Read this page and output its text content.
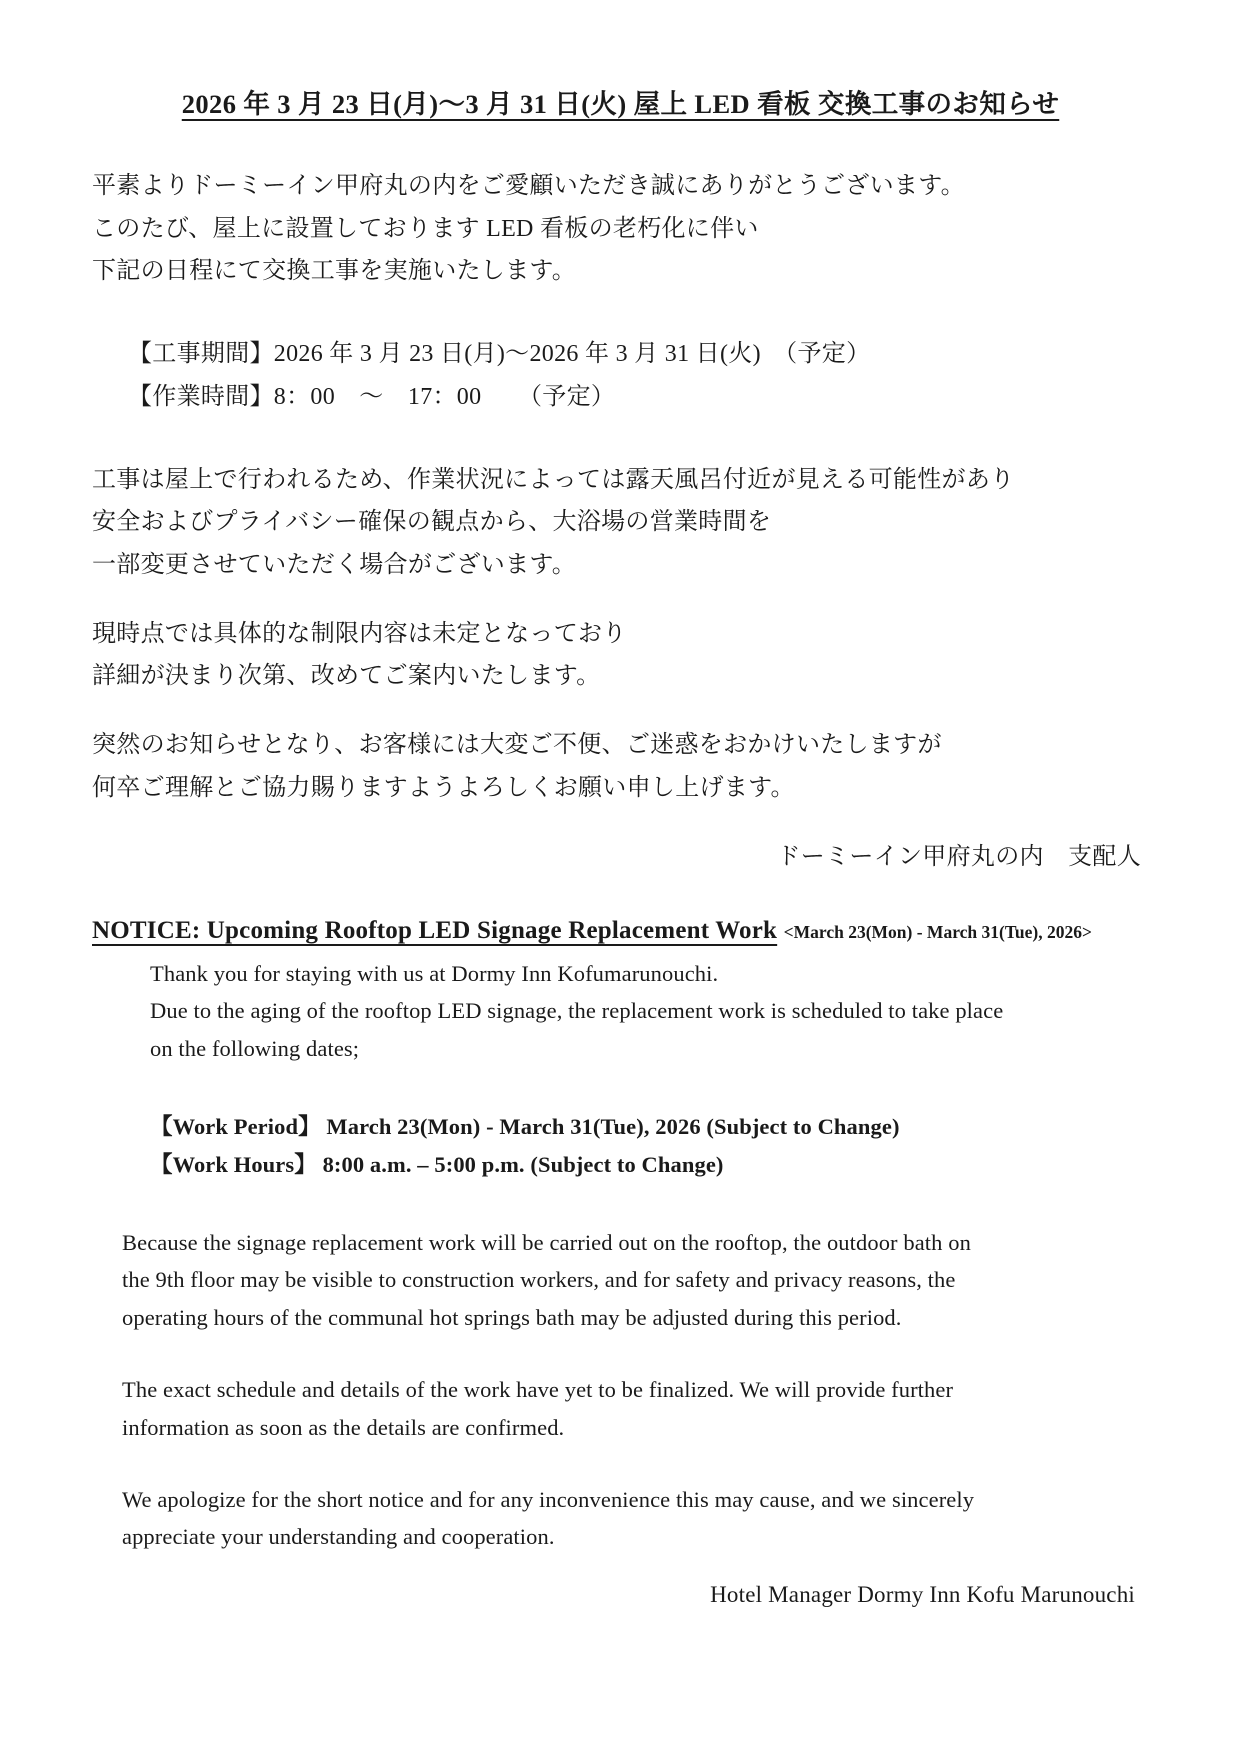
2026 年 3 月 23 日(月)〜3 月 31 日(火) 屋上 LED 看板 交換工事のお知らせ

平素よりドーミーイン甲府丸の内をご愛顧いただき誠にありがとうございます。

このたび、屋上に設置しております LED 看板の老朽化に伴い

下記の日程にて交換工事を実施いたします。

【工事期間】2026 年 3 月 23 日(月)〜2026 年 3 月 31 日(火)　（予定）

【作業時間】8：00　〜　17：00　　（予定）

工事は屋上で行われるため、作業状況によっては露天風呂付近が見える可能性があり

安全およびプライバシー確保の観点から、大浴場の営業時間を

一部変更させていただく場合がございます。

現時点では具体的な制限内容は未定となっており

詳細が決まり次第、改めてご案内いたします。

突然のお知らせとなり、お客様には大変ご不便、ご迷惑をおかけいたしますが

何卒ご理解とご協力賜りますようよろしくお願い申し上げます。

ドーミーイン甲府丸の内　支配人
NOTICE: Upcoming Rooftop LED Signage Replacement Work <March 23(Mon) - March 31(Tue), 2026>

Thank you for staying with us at Dormy Inn Kofumarunouchi.

Due to the aging of the rooftop LED signage, the replacement work is scheduled to take place

on the following dates;

【Work Period】 March 23(Mon) - March 31(Tue), 2026 (Subject to Change)

【Work Hours】 8:00 a.m. – 5:00 p.m. (Subject to Change)

Because the signage replacement work will be carried out on the rooftop, the outdoor bath on

the 9th floor may be visible to construction workers, and for safety and privacy reasons, the

operating hours of the communal hot springs bath may be adjusted during this period.

The exact schedule and details of the work have yet to be finalized. We will provide further

information as soon as the details are confirmed.

We apologize for the short notice and for any inconvenience this may cause, and we sincerely

appreciate your understanding and cooperation.

Hotel Manager Dormy Inn Kofu Marunouchi
